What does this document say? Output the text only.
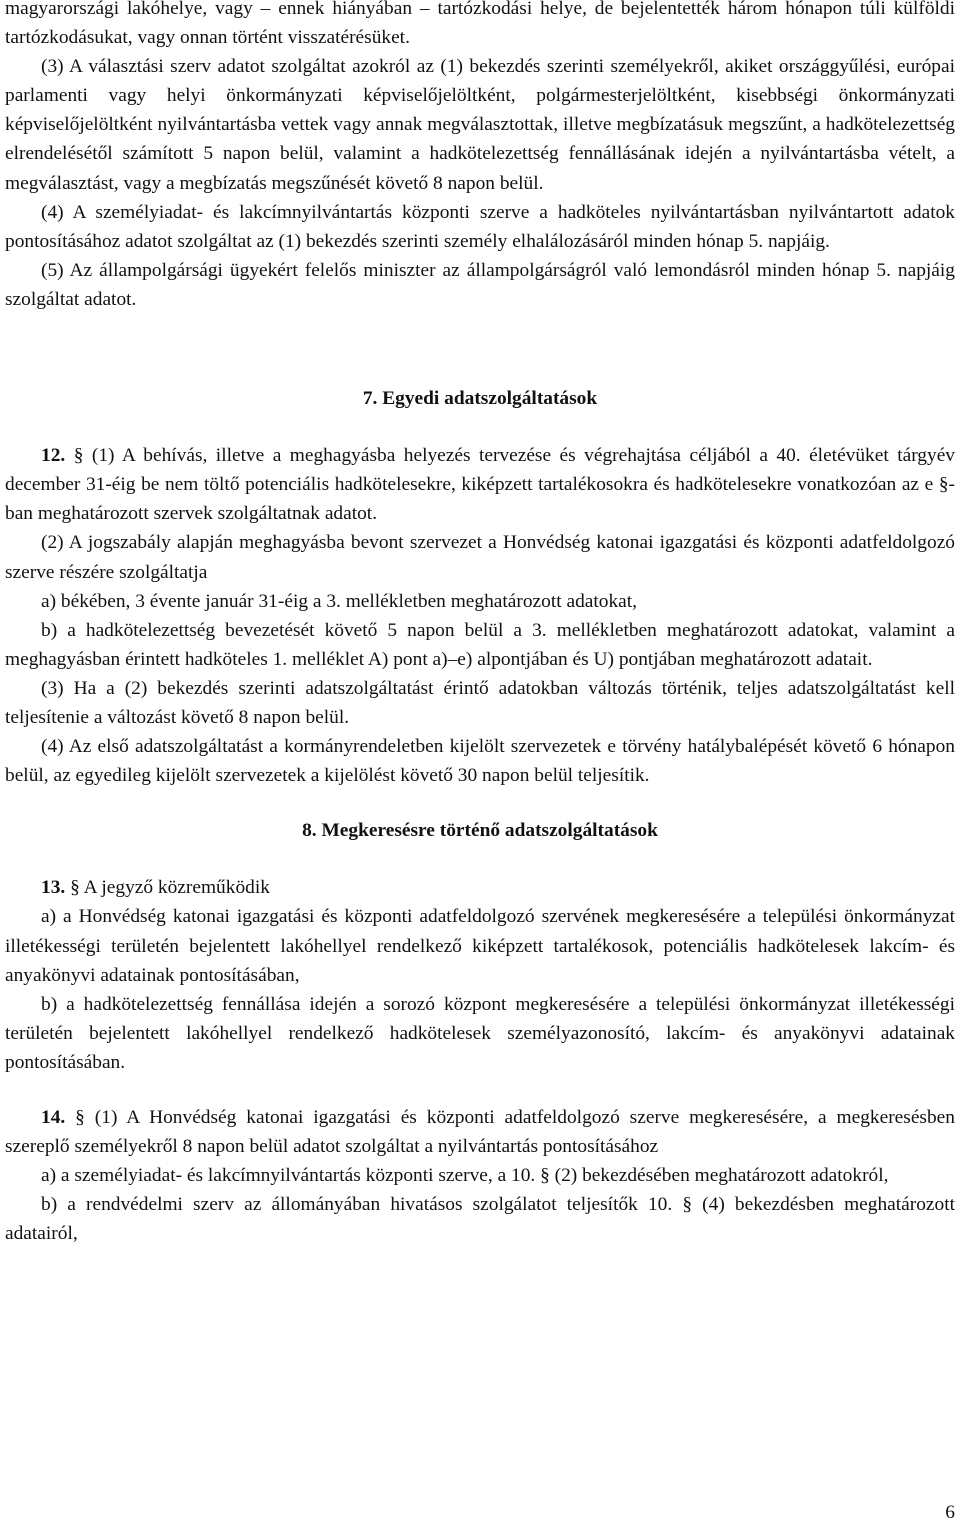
magyarországi lakóhelye, vagy – ennek hiányában – tartózkodási helye, de bejelentették három hónapon túli külföldi tartózkodásukat, vagy onnan történt visszatérésüket.

(3) A választási szerv adatot szolgáltat azokról az (1) bekezdés szerinti személyekről, akiket országgyűlési, európai parlamenti vagy helyi önkormányzati képviselőjelöltként, polgármesterjelöltként, kisebbségi önkormányzati képviselőjelöltként nyilvántartásba vettek vagy annak megválasztottak, illetve megbízatásuk megszűnt, a hadkötelezettség elrendelésétől számított 5 napon belül, valamint a hadkötelezettség fennállásának idején a nyilvántartásba vételt, a megválasztást, vagy a megbízatás megszűnését követő 8 napon belül.

(4) A személyiadat- és lakcímnyilvántartás központi szerve a hadköteles nyilvántartásban nyilvántartott adatok pontosításához adatot szolgáltat az (1) bekezdés szerinti személy elhalálozásáról minden hónap 5. napjáig.

(5) Az állampolgársági ügyekért felelős miniszter az állampolgárságról való lemondásról minden hónap 5. napjáig szolgáltat adatot.

7. Egyedi adatszolgáltatások

12. § (1) A behívás, illetve a meghagyásba helyezés tervezése és végrehajtása céljából a 40. életévüket tárgyév december 31-éig be nem töltő potenciális hadkötelesekre, kiképzett tartalékosokra és hadkötelesekre vonatkozóan az e §-ban meghatározott szervek szolgáltatnak adatot.

(2) A jogszabály alapján meghagyásba bevont szervezet a Honvédség katonai igazgatási és központi adatfeldolgozó szerve részére szolgáltatja

a) békében, 3 évente január 31-éig a 3. mellékletben meghatározott adatokat,

b) a hadkötelezettség bevezetését követő 5 napon belül a 3. mellékletben meghatározott adatokat, valamint a meghagyásban érintett hadköteles 1. melléklet A) pont a)–e) alpontjában és U) pontjában meghatározott adatait.

(3) Ha a (2) bekezdés szerinti adatszolgáltatást érintő adatokban változás történik, teljes adatszolgáltatást kell teljesítenie a változást követő 8 napon belül.

(4) Az első adatszolgáltatást a kormányrendeletben kijelölt szervezetek e törvény hatálybalépését követő 6 hónapon belül, az egyedileg kijelölt szervezetek a kijelölést követő 30 napon belül teljesítik.

8. Megkeresésre történő adatszolgáltatások

13. § A jegyző közreműködik

a) a Honvédség katonai igazgatási és központi adatfeldolgozó szervének megkeresésére a települési önkormányzat illetékességi területén bejelentett lakóhellyel rendelkező kiképzett tartalékosok, potenciális hadkötelesek lakcím- és anyakönyvi adatainak pontosításában,

b) a hadkötelezettség fennállása idején a sorozó központ megkeresésére a települési önkormányzat illetékességi területén bejelentett lakóhellyel rendelkező hadkötelesek személyazonosító, lakcím- és anyakönyvi adatainak pontosításában.

14. § (1) A Honvédség katonai igazgatási és központi adatfeldolgozó szerve megkeresésére, a megkeresésben szereplő személyekről 8 napon belül adatot szolgáltat a nyilvántartás pontosításához

a) a személyiadat- és lakcímnyilvántartás központi szerve, a 10. § (2) bekezdésében meghatározott adatokról,

b) a rendvédelmi szerv az állományában hivatásos szolgálatot teljesítők 10. § (4) bekezdésben meghatározott adatairól,

6
